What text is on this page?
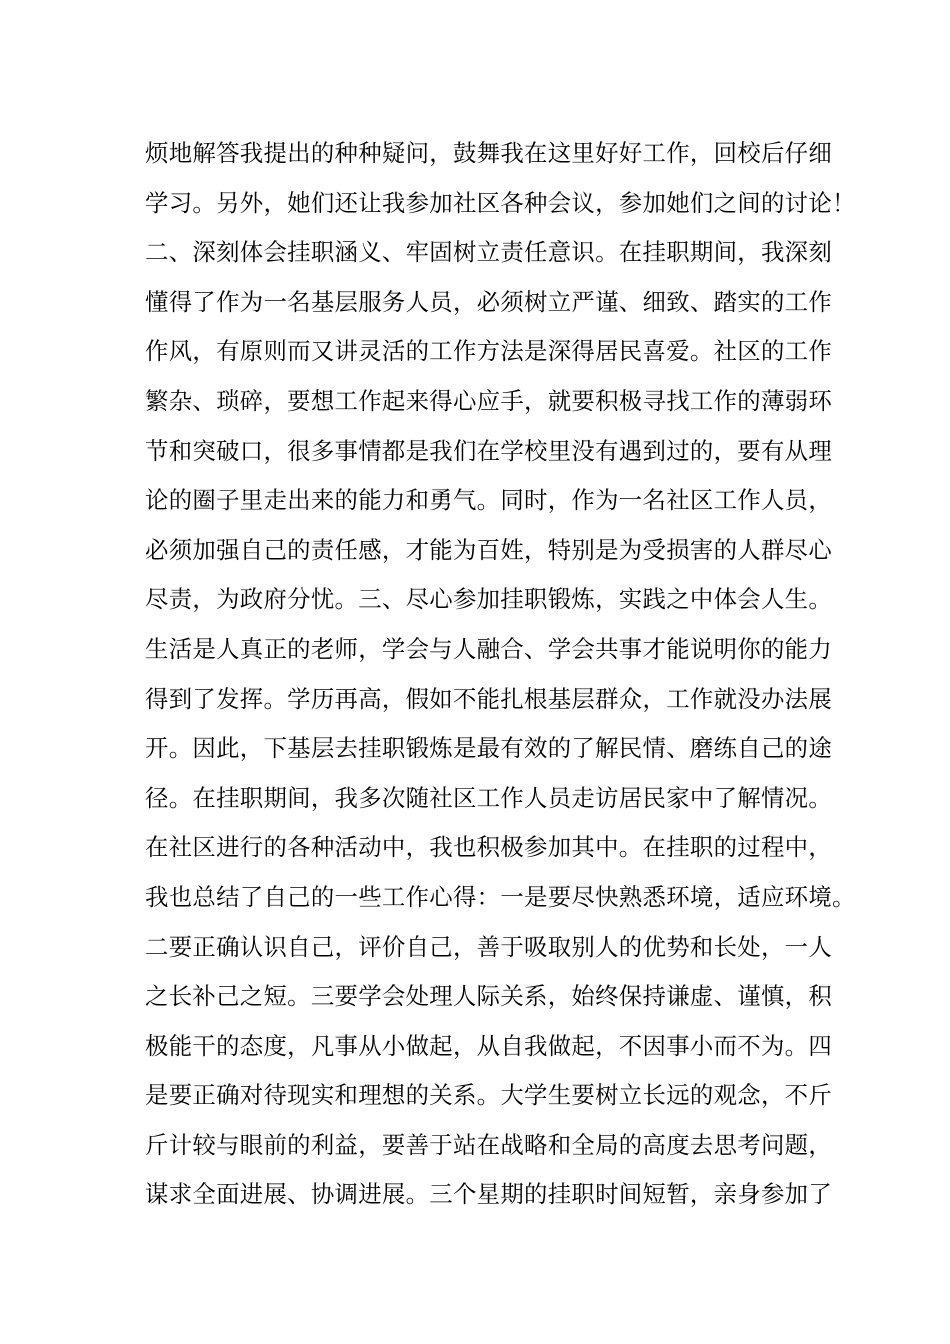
烦地解答我提出的种种疑问，鼓舞我在这里好好工作，回校后仔细
学习。另外，她们还让我参加社区各种会议，参加她们之间的讨论！
二、深刻体会挂职涵义、牢固树立责任意识。在挂职期间，我深刻
懂得了作为一名基层服务人员，必须树立严谨、细致、踏实的工作
作风，有原则而又讲灵活的工作方法是深得居民喜爱。社区的工作
繁杂、琐碎，要想工作起来得心应手，就要积极寻找工作的薄弱环
节和突破口，很多事情都是我们在学校里没有遇到过的，要有从理
论的圈子里走出来的能力和勇气。同时，作为一名社区工作人员，
必须加强自己的责任感，才能为百姓，特别是为受损害的人群尽心
尽责，为政府分忧。三、尽心参加挂职锻炼，实践之中体会人生。
生活是人真正的老师，学会与人融合、学会共事才能说明你的能力
得到了发挥。学历再高，假如不能扎根基层群众，工作就没办法展
开。因此，下基层去挂职锻炼是最有效的了解民情、磨练自己的途
径。在挂职期间，我多次随社区工作人员走访居民家中了解情况。
在社区进行的各种活动中，我也积极参加其中。在挂职的过程中，
我也总结了自己的一些工作心得：一是要尽快熟悉环境，适应环境。
二要正确认识自己，评价自己，善于吸取别人的优势和长处，一人
之长补己之短。三要学会处理人际关系，始终保持谦虚、谨慎，积
极能干的态度，凡事从小做起，从自我做起，不因事小而不为。四
是要正确对待现实和理想的关系。大学生要树立长远的观念，不斤
斤计较与眼前的利益，要善于站在战略和全局的高度去思考问题，
谋求全面进展、协调进展。三个星期的挂职时间短暂，亲身参加了
